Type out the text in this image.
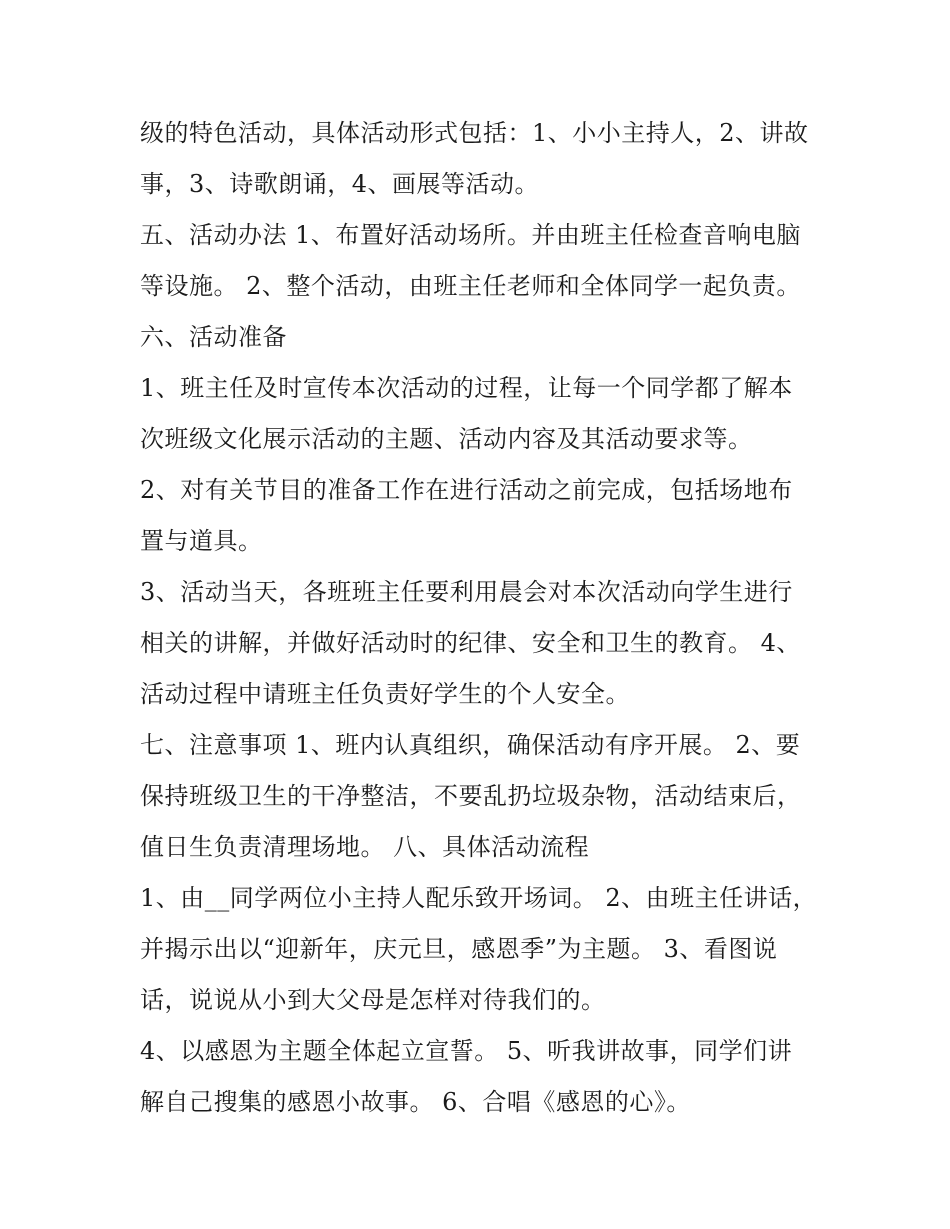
级的特色活动，具体活动形式包括：1、小小主持人，2、讲故
事，3、诗歌朗诵，4、画展等活动。
五、活动办法 1、布置好活动场所。并由班主任检查音响电脑
等设施。 2、整个活动，由班主任老师和全体同学一起负责。
六、活动准备
1、班主任及时宣传本次活动的过程，让每一个同学都了解本
次班级文化展示活动的主题、活动内容及其活动要求等。
2、对有关节目的准备工作在进行活动之前完成，包括场地布
置与道具。
3、活动当天，各班班主任要利用晨会对本次活动向学生进行
相关的讲解，并做好活动时的纪律、安全和卫生的教育。 4、
活动过程中请班主任负责好学生的个人安全。
七、注意事项 1、班内认真组织，确保活动有序开展。 2、要
保持班级卫生的干净整洁，不要乱扔垃圾杂物，活动结束后，
值日生负责清理场地。 八、具体活动流程
1、由__同学两位小主持人配乐致开场词。 2、由班主任讲话，
并揭示出以“迎新年，庆元旦，感恩季”为主题。 3、看图说
话，说说从小到大父母是怎样对待我们的。
4、以感恩为主题全体起立宣誓。 5、听我讲故事，同学们讲
解自己搜集的感恩小故事。 6、合唱《感恩的心》。
